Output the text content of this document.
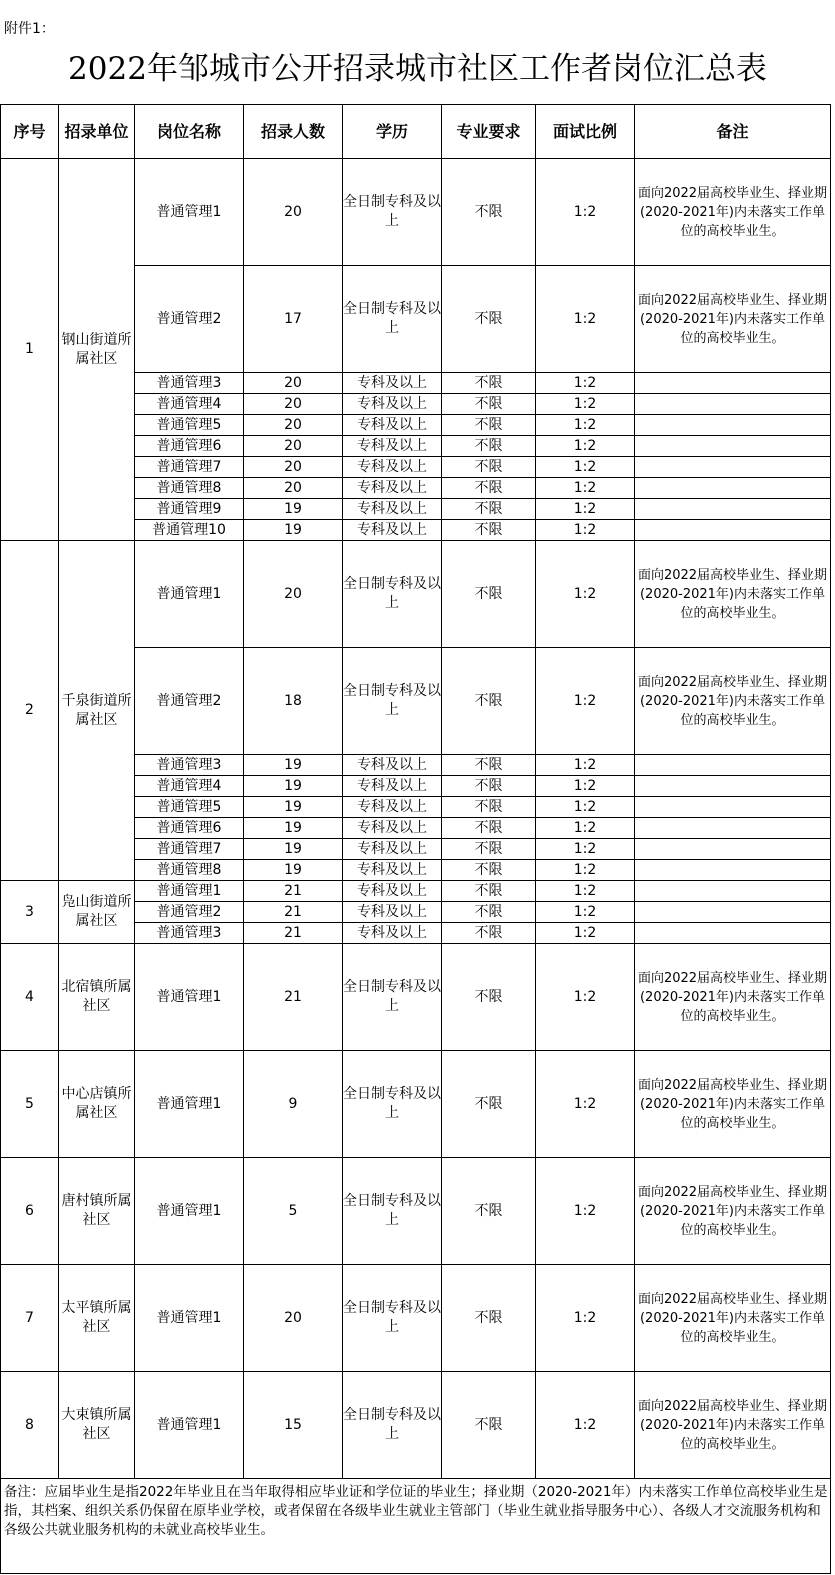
附件1：
2022年邹城市公开招录城市社区工作者岗位汇总表
序号	招录单位	岗位名称	招录人数	学历	专业要求	面试比例	备注
1	钢山街道所属社区	普通管理1	20	全日制专科及以上	不限	1:2	面向2022届高校毕业生、择业期(2020-2021年)内未落实工作单位的高校毕业生。
		普通管理2	17	全日制专科及以上	不限	1:2	面向2022届高校毕业生、择业期(2020-2021年)内未落实工作单位的高校毕业生。
		普通管理3	20	专科及以上	不限	1:2	
		普通管理4	20	专科及以上	不限	1:2	
		普通管理5	20	专科及以上	不限	1:2	
		普通管理6	20	专科及以上	不限	1:2	
		普通管理7	20	专科及以上	不限	1:2	
		普通管理8	20	专科及以上	不限	1:2	
		普通管理9	19	专科及以上	不限	1:2	
		普通管理10	19	专科及以上	不限	1:2	
2	千泉街道所属社区	普通管理1	20	全日制专科及以上	不限	1:2	面向2022届高校毕业生、择业期(2020-2021年)内未落实工作单位的高校毕业生。
		普通管理2	18	全日制专科及以上	不限	1:2	面向2022届高校毕业生、择业期(2020-2021年)内未落实工作单位的高校毕业生。
		普通管理3	19	专科及以上	不限	1:2	
		普通管理4	19	专科及以上	不限	1:2	
		普通管理5	19	专科及以上	不限	1:2	
		普通管理6	19	专科及以上	不限	1:2	
		普通管理7	19	专科及以上	不限	1:2	
		普通管理8	19	专科及以上	不限	1:2	
3	凫山街道所属社区	普通管理1	21	专科及以上	不限	1:2	
		普通管理2	21	专科及以上	不限	1:2	
		普通管理3	21	专科及以上	不限	1:2	
4	北宿镇所属社区	普通管理1	21	全日制专科及以上	不限	1:2	面向2022届高校毕业生、择业期(2020-2021年)内未落实工作单位的高校毕业生。
5	中心店镇所属社区	普通管理1	9	全日制专科及以上	不限	1:2	面向2022届高校毕业生、择业期(2020-2021年)内未落实工作单位的高校毕业生。
6	唐村镇所属社区	普通管理1	5	全日制专科及以上	不限	1:2	面向2022届高校毕业生、择业期(2020-2021年)内未落实工作单位的高校毕业生。
7	太平镇所属社区	普通管理1	20	全日制专科及以上	不限	1:2	面向2022届高校毕业生、择业期(2020-2021年)内未落实工作单位的高校毕业生。
8	大束镇所属社区	普通管理1	15	全日制专科及以上	不限	1:2	面向2022届高校毕业生、择业期(2020-2021年)内未落实工作单位的高校毕业生。
备注：应届毕业生是指2022年毕业且在当年取得相应毕业证和学位证的毕业生；择业期（2020-2021年）内未落实工作单位高校毕业生是指，其档案、组织关系仍保留在原毕业学校，或者保留在各级毕业生就业主管部门（毕业生就业指导服务中心）、各级人才交流服务机构和各级公共就业服务机构的未就业高校毕业生。							
